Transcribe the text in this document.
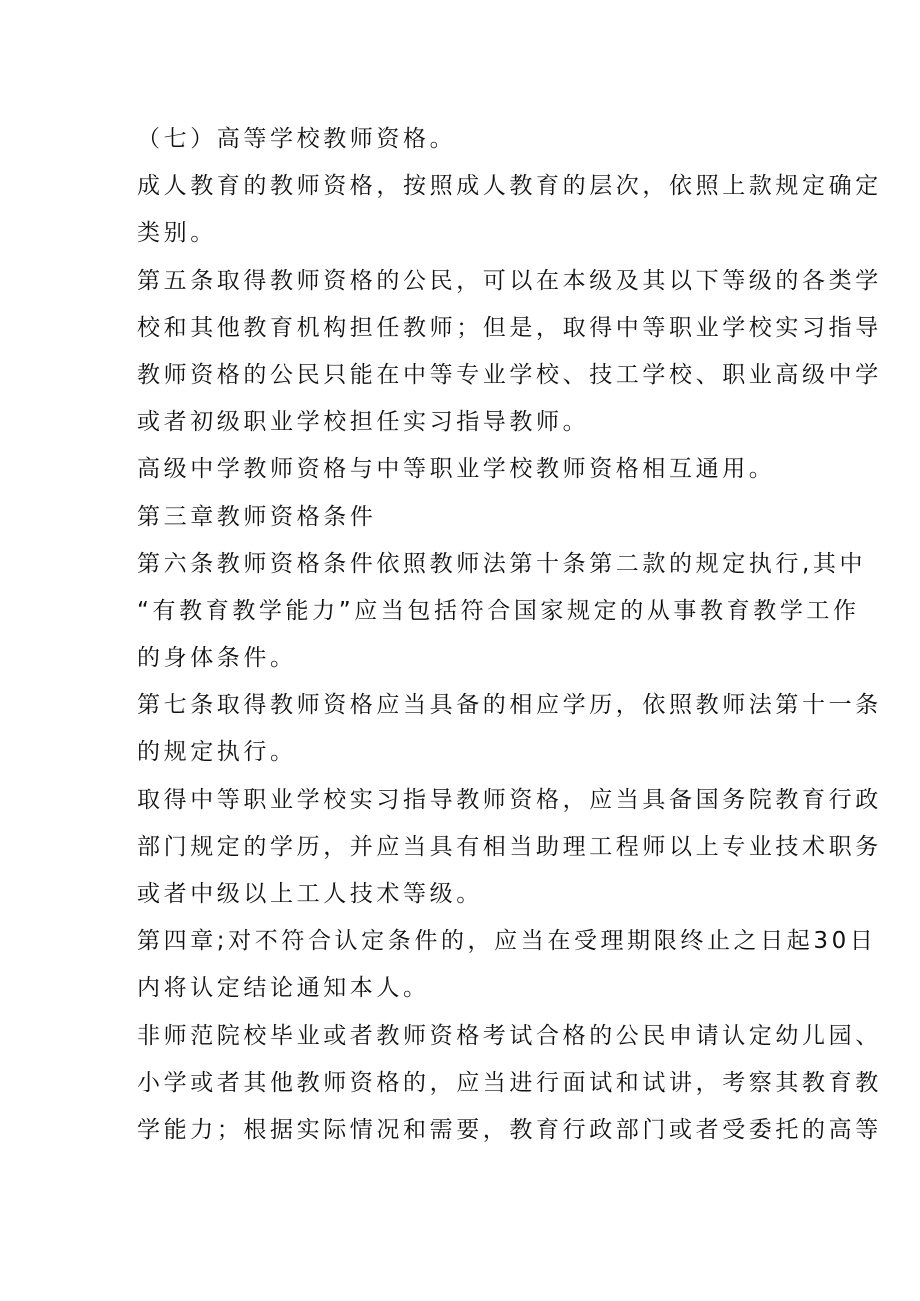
（七）高等学校教师资格。
成人教育的教师资格，按照成人教育的层次，依照上款规定确定
类别。
第五条取得教师资格的公民，可以在本级及其以下等级的各类学
校和其他教育机构担任教师；但是，取得中等职业学校实习指导
教师资格的公民只能在中等专业学校、技工学校、职业高级中学
或者初级职业学校担任实习指导教师。
高级中学教师资格与中等职业学校教师资格相互通用。
第三章教师资格条件
第六条教师资格条件依照教师法第十条第二款的规定执行,其中
“有教育教学能力”应当包括符合国家规定的从事教育教学工作
的身体条件。
第七条取得教师资格应当具备的相应学历，依照教师法第十一条
的规定执行。
取得中等职业学校实习指导教师资格，应当具备国务院教育行政
部门规定的学历，并应当具有相当助理工程师以上专业技术职务
或者中级以上工人技术等级。
第四章;对不符合认定条件的，应当在受理期限终止之日起30日
内将认定结论通知本人。
非师范院校毕业或者教师资格考试合格的公民申请认定幼儿园、
小学或者其他教师资格的，应当进行面试和试讲，考察其教育教
学能力；根据实际情况和需要，教育行政部门或者受委托的高等
